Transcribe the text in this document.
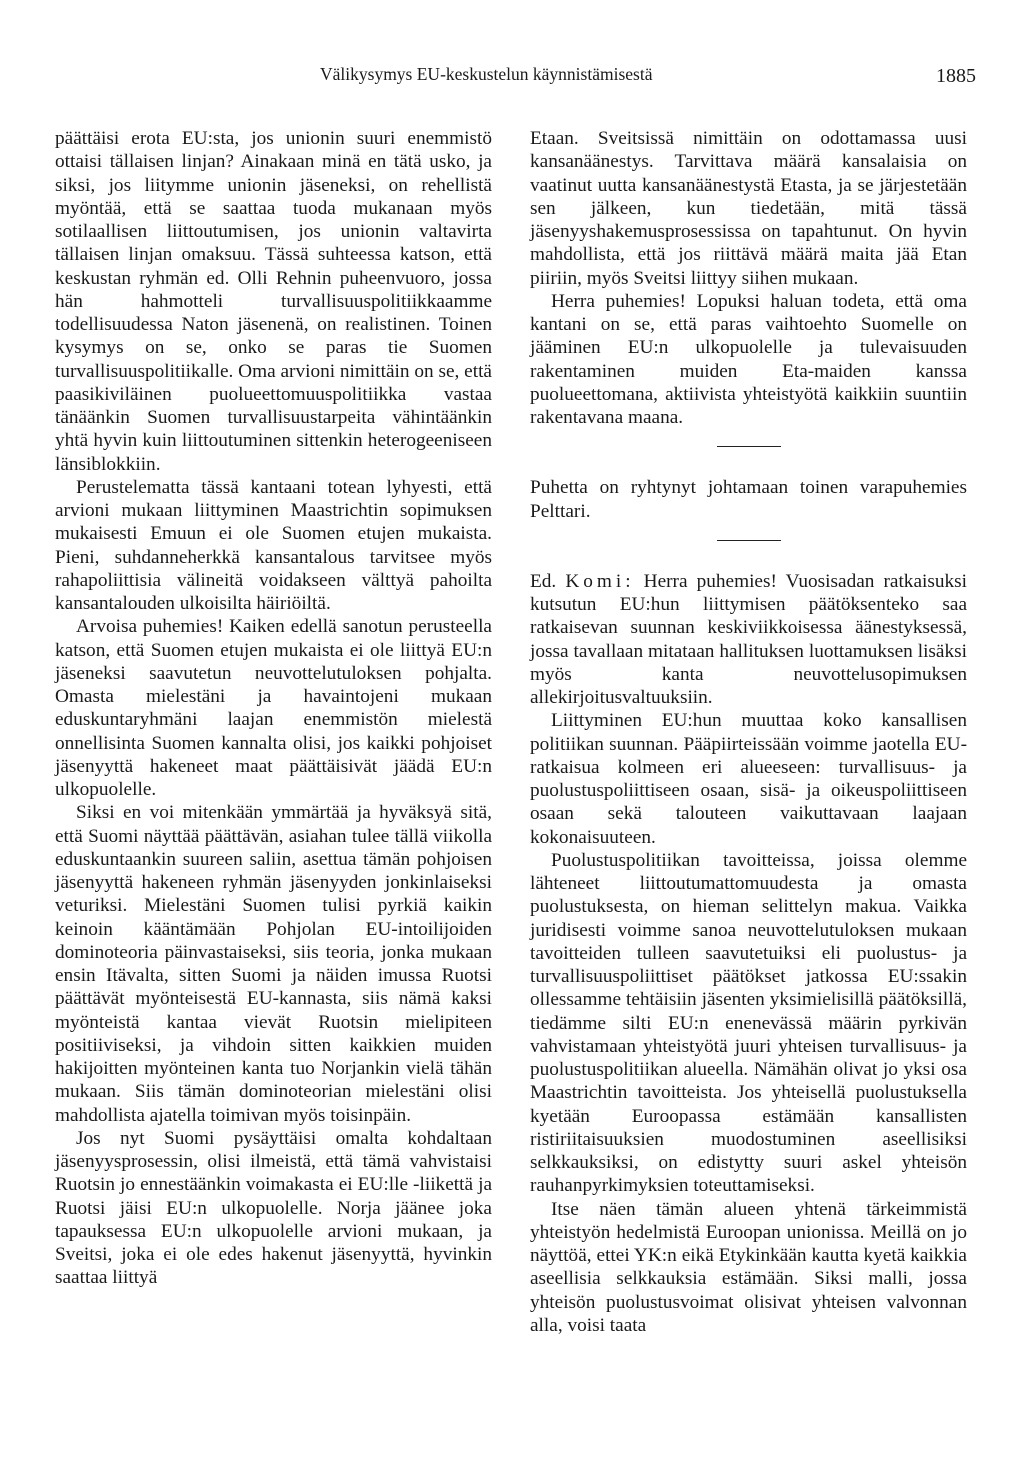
Välikysymys EU-keskustelun käynnistämisestä	1885

päättäisi erota EU:sta, jos unionin suuri enemmistö ottaisi tällaisen linjan? Ainakaan minä en tätä usko, ja siksi, jos liitymme unionin jäseneksi, on rehellistä myöntää, että se saattaa tuoda mukanaan myös sotilaallisen liittoutumisen, jos unionin valtavirta tällaisen linjan omaksuu. Tässä suhteessa katson, että keskustan ryhmän ed. Olli Rehnin puheenvuoro, jossa hän hahmotteli turvallisuuspolitiikkaamme todellisuudessa Naton jäsenenä, on realistinen. Toinen kysymys on se, onko se paras tie Suomen turvallisuuspolitiikalle. Oma arvioni nimittäin on se, että paasikiviläinen puolueettomuuspolitiikka vastaa tänäänkin Suomen turvallisuustarpeita vähintäänkin yhtä hyvin kuin liittoutuminen sittenkin heterogeeniseen länsiblokkiin.

Perustelematta tässä kantaani totean lyhyesti, että arvioni mukaan liittyminen Maastrichtin sopimuksen mukaisesti Emuun ei ole Suomen etujen mukaista. Pieni, suhdanneherkkä kansantalous tarvitsee myös rahapoliittisia välineitä voidakseen välttyä pahoilta kansantalouden ulkoisilta häiriöiltä.

Arvoisa puhemies! Kaiken edellä sanotun perusteella katson, että Suomen etujen mukaista ei ole liittyä EU:n jäseneksi saavutetun neuvottelutuloksen pohjalta. Omasta mielestäni ja havaintojeni mukaan eduskuntaryhmäni laajan enemmistön mielestä onnellisinta Suomen kannalta olisi, jos kaikki pohjoiset jäsenyyttä hakeneet maat päättäisivät jäädä EU:n ulkopuolelle.

Siksi en voi mitenkään ymmärtää ja hyväksyä sitä, että Suomi näyttää päättävän, asiahan tulee tällä viikolla eduskuntaankin suureen saliin, asettua tämän pohjoisen jäsenyyttä hakeneen ryhmän jäsenyyden jonkinlaiseksi veturiksi. Mielestäni Suomen tulisi pyrkiä kaikin keinoin kääntämään Pohjolan EU-intoilijoiden dominoteoria päinvastaiseksi, siis teoria, jonka mukaan ensin Itävalta, sitten Suomi ja näiden imussa Ruotsi päättävät myönteisestä EU-kannasta, siis nämä kaksi myönteistä kantaa vievät Ruotsin mielipiteen positiiviseksi, ja vihdoin sitten kaikkien muiden hakijoitten myönteinen kanta tuo Norjankin vielä tähän mukaan. Siis tämän dominoteorian mielestäni olisi mahdollista ajatella toimivan myös toisinpäin.

Jos nyt Suomi pysäyttäisi omalta kohdaltaan jäsenyysprosessin, olisi ilmeistä, että tämä vahvistaisi Ruotsin jo ennestäänkin voimakasta ei EU:lle -liikettä ja Ruotsi jäisi EU:n ulkopuolelle. Norja jäänee joka tapauksessa EU:n ulkopuolelle arvioni mukaan, ja Sveitsi, joka ei ole edes hakenut jäsenyyttä, hyvinkin saattaa liittyä

Etaan. Sveitsissä nimittäin on odottamassa uusi kansanäänestys. Tarvittava määrä kansalaisia on vaatinut uutta kansanäänestystä Etasta, ja se järjestetään sen jälkeen, kun tiedetään, mitä tässä jäsenyyshakemusprosessissa on tapahtunut. On hyvin mahdollista, että jos riittävä määrä maita jää Etan piiriin, myös Sveitsi liittyy siihen mukaan.

Herra puhemies! Lopuksi haluan todeta, että oma kantani on se, että paras vaihtoehto Suomelle on jääminen EU:n ulkopuolelle ja tulevaisuuden rakentaminen muiden Eta-maiden kanssa puolueettomana, aktiivista yhteistyötä kaikkiin suuntiin rakentavana maana.

Puhetta on ryhtynyt johtamaan toinen varapuhemies Pelttari.

Ed. Komi: Herra puhemies! Vuosisadan ratkaisuksi kutsutun EU:hun liittymisen päätöksenteko saa ratkaisevan suunnan keskiviikkoisessa äänestyksessä, jossa tavallaan mitataan hallituksen luottamuksen lisäksi myös kanta neuvottelusopimuksen allekirjoitusvaltuuksiin.

Liittyminen EU:hun muuttaa koko kansallisen politiikan suunnan. Pääpiirteissään voimme jaotella EU-ratkaisua kolmeen eri alueeseen: turvallisuus- ja puolustuspoliittiseen osaan, sisä- ja oikeuspoliittiseen osaan sekä talouteen vaikuttavaan laajaan kokonaisuuteen.

Puolustuspolitiikan tavoitteissa, joissa olemme lähteneet liittoutumattomuudesta ja omasta puolustuksesta, on hieman selittelyn makua. Vaikka juridisesti voimme sanoa neuvottelutuloksen mukaan tavoitteiden tulleen saavutetuiksi eli puolustus- ja turvallisuuspoliittiset päätökset jatkossa EU:ssakin ollessamme tehtäisiin jäsenten yksimielisillä päätöksillä, tiedämme silti EU:n enenevässä määrin pyrkivän vahvistamaan yhteistyötä juuri yhteisen turvallisuus- ja puolustuspolitiikan alueella. Nämähän olivat jo yksi osa Maastrichtin tavoitteista. Jos yhteisellä puolustuksella kyetään Euroopassa estämään kansallisten ristiriitaisuuksien muodostuminen aseellisiksi selkkauksiksi, on edistytty suuri askel yhteisön rauhanpyrkimyksien toteuttamiseksi.

Itse näen tämän alueen yhtenä tärkeimmistä yhteistyön hedelmistä Euroopan unionissa. Meillä on jo näyttöä, ettei YK:n eikä Etykinkään kautta kyetä kaikkia aseellisia selkkauksia estämään. Siksi malli, jossa yhteisön puolustusvoimat olisivat yhteisen valvonnan alla, voisi taata
